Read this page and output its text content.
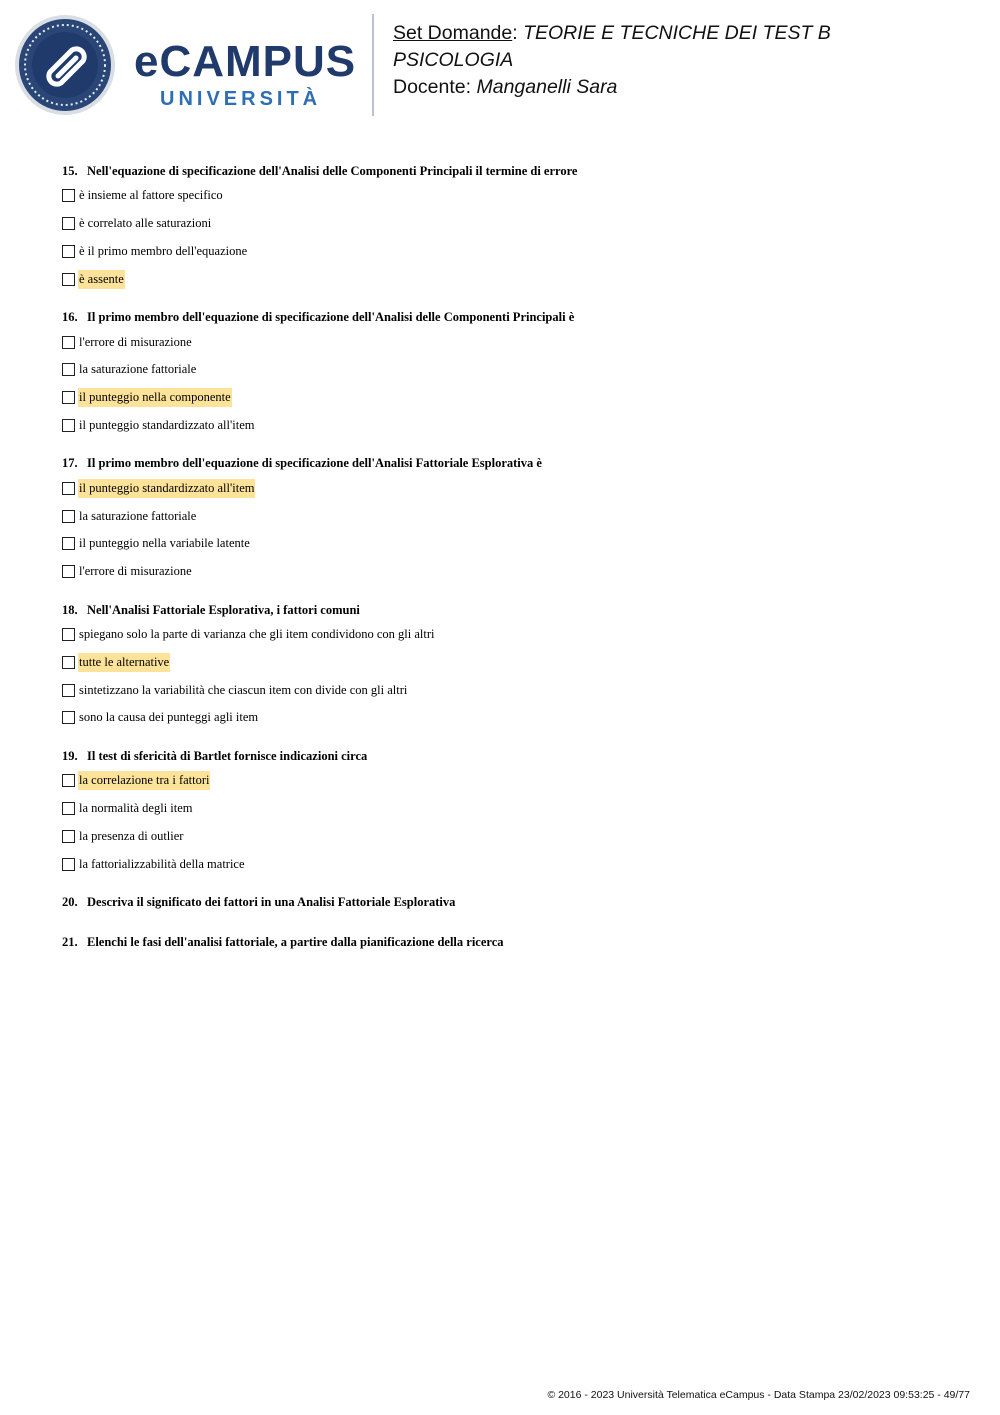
eCAMPUS
UNIVERSITÀ
Set Domande: TEORIE E TECNICHE DEI TEST B
PSICOLOGIA
Docente: Manganelli Sara
15. Nell'equazione di specificazione dell'Analisi delle Componenti Principali il termine di errore
è insieme al fattore specifico
è correlato alle saturazioni
è il primo membro dell'equazione
è assente
16. Il primo membro dell'equazione di specificazione dell'Analisi delle Componenti Principali è
l'errore di misurazione
la saturazione fattoriale
il punteggio nella componente
il punteggio standardizzato all'item
17. Il primo membro dell'equazione di specificazione dell'Analisi Fattoriale Esplorativa è
il punteggio standardizzato all'item
la saturazione fattoriale
il punteggio nella variabile latente
l'errore di misurazione
18. Nell'Analisi Fattoriale Esplorativa, i fattori comuni
spiegano solo la parte di varianza che gli item condividono con gli altri
tutte le alternative
sintetizzano la variabilità che ciascun item con divide con gli altri
sono la causa dei punteggi agli item
19. Il test di sfericità di Bartlet fornisce indicazioni circa
la correlazione tra i fattori
la normalità degli item
la presenza di outlier
la fattorializzabilità della matrice
20. Descriva il significato dei fattori in una Analisi Fattoriale Esplorativa
21. Elenchi le fasi dell'analisi fattoriale, a partire dalla pianificazione della ricerca
© 2016 - 2023 Università Telematica eCampus - Data Stampa 23/02/2023 09:53:25 - 49/77
